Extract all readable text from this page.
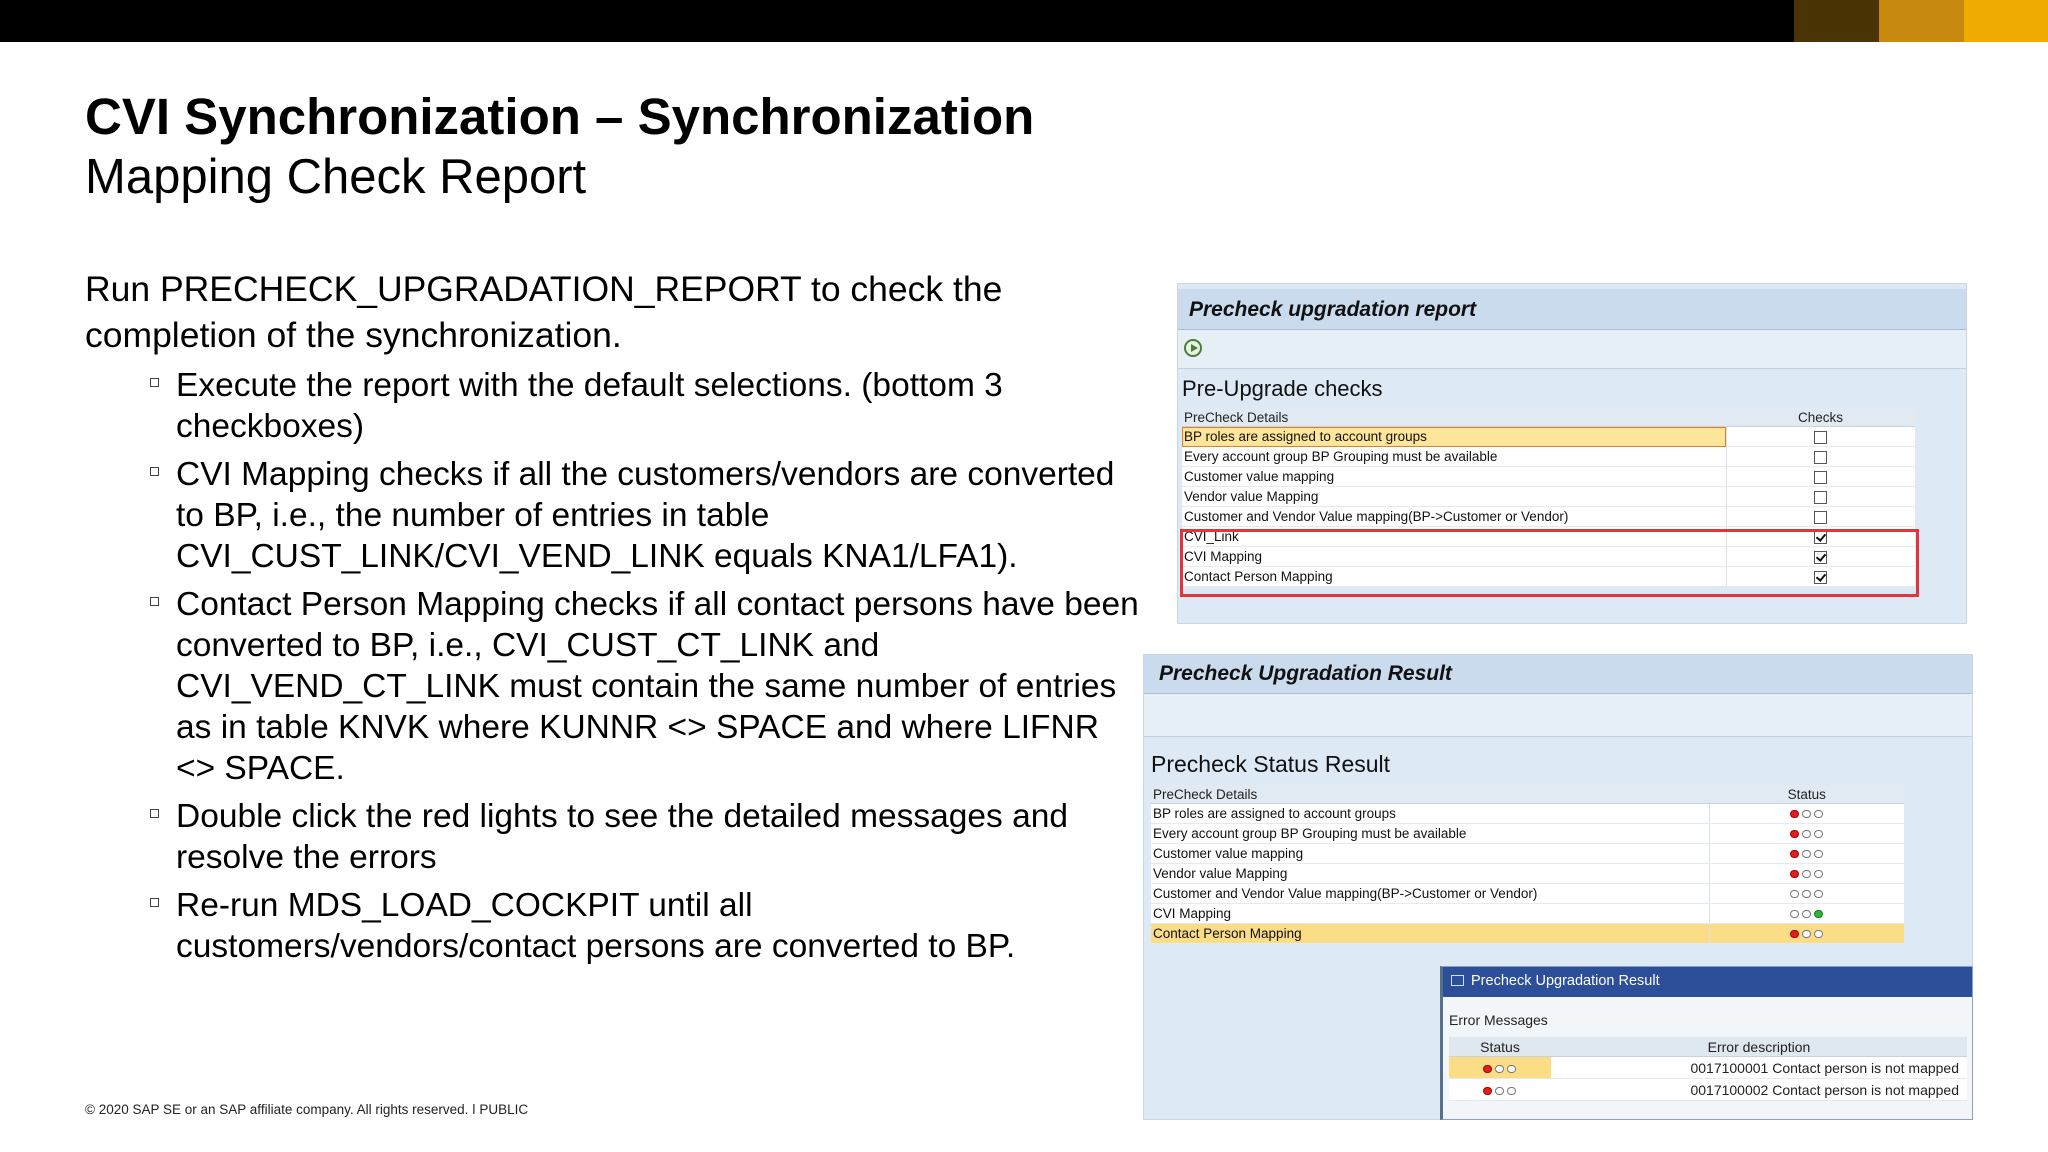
CVI Synchronization – Synchronization
Mapping Check Report
Run PRECHECK_UPGRADATION_REPORT to check the completion of the synchronization.
Execute the report with the default selections. (bottom 3 checkboxes)
CVI Mapping checks if all the customers/vendors are converted to BP, i.e., the number of entries in table CVI_CUST_LINK/CVI_VEND_LINK equals KNA1/LFA1).
Contact Person Mapping checks if all contact persons have been converted to BP, i.e., CVI_CUST_CT_LINK and CVI_VEND_CT_LINK must contain the same number of entries as in table KNVK where KUNNR <> SPACE and where LIFNR <> SPACE.
Double click the red lights to see the detailed messages and resolve the errors
Re-run MDS_LOAD_COCKPIT until all customers/vendors/contact persons are converted to BP.
© 2020 SAP SE or an SAP affiliate company. All rights reserved. ǀ PUBLIC
Precheck upgradation report
Pre-Upgrade checks
PreCheck Details	Checks
BP roles are assigned to account groups	
Every account group BP Grouping must be available	
Customer value mapping	
Vendor value Mapping	
Customer and Vendor Value mapping(BP->Customer or Vendor)	
CVI_Link	
CVI Mapping	
Contact Person Mapping	
Precheck Upgradation Result
Precheck Status Result
PreCheck Details	Status
BP roles are assigned to account groups	

Every account group BP Grouping must be available	

Customer value mapping	

Vendor value Mapping	

Customer and Vendor Value mapping(BP->Customer or Vendor)	

CVI Mapping	

Contact Person Mapping	
Precheck Upgradation Result
Error Messages
Status	Error description

	0017100001 Contact person is not mapped

	0017100002 Contact person is not mapped
